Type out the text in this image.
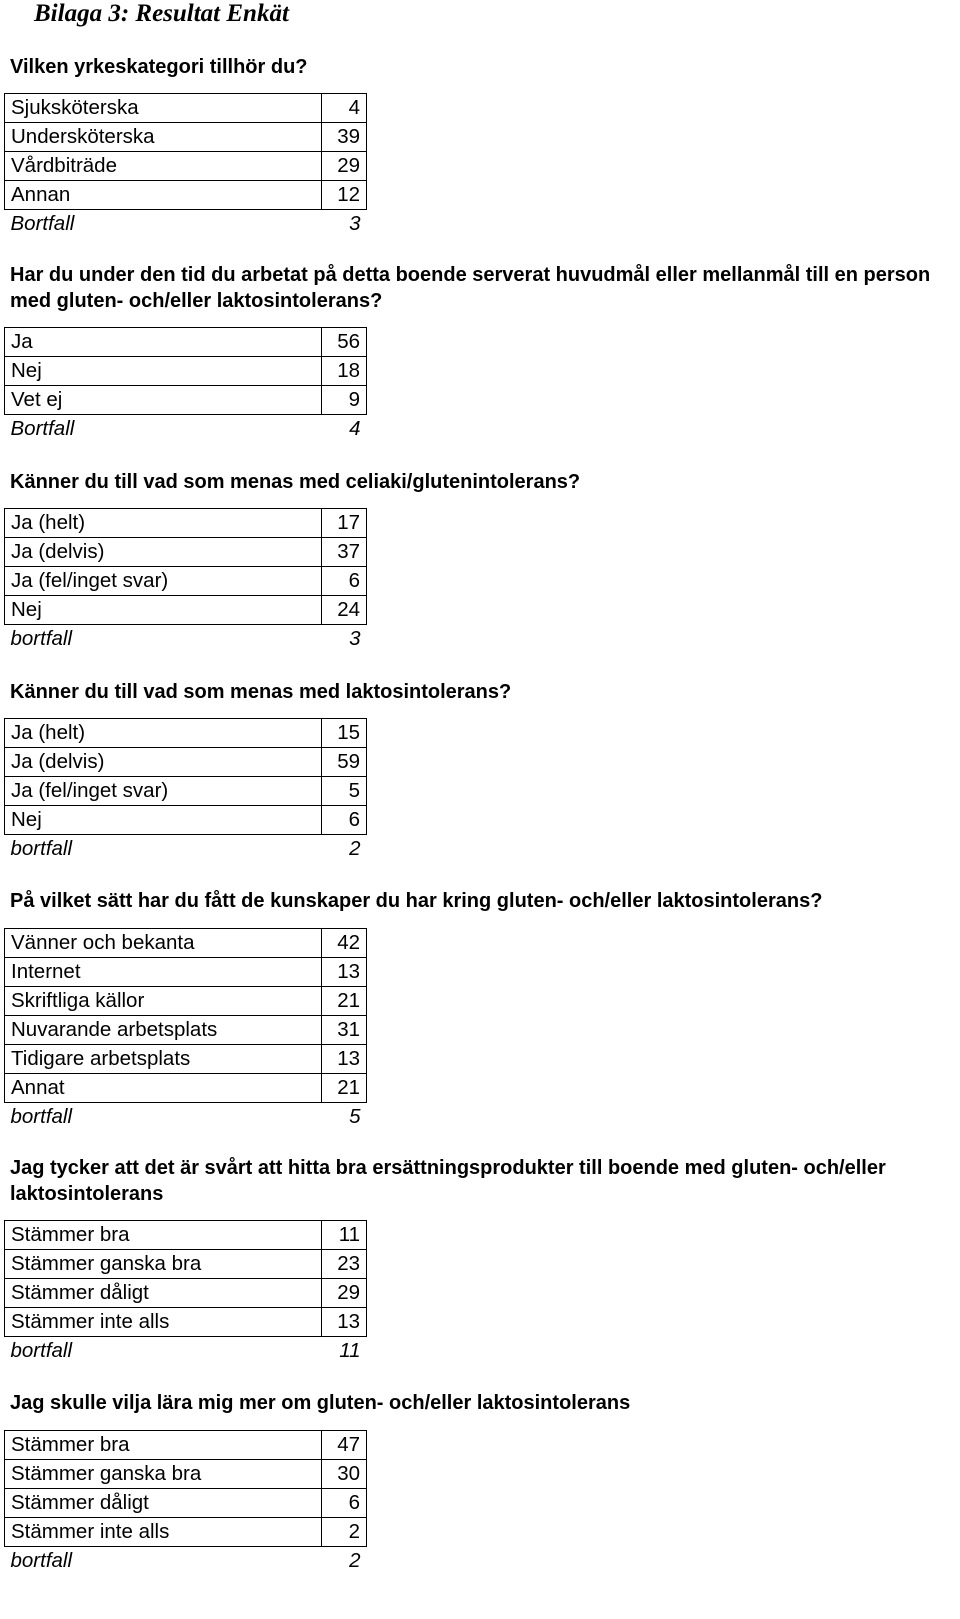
Bilaga 3: Resultat Enkät

Vilken yrkeskategori tillhör du?

Sjuksköterska	4
Undersköterska	39
Vårdbiträde	29
Annan	12
Bortfall	3

Har du under den tid du arbetat på detta boende serverat huvudmål eller mellanmål till en person med gluten- och/eller laktosintolerans?

Ja	56
Nej	18
Vet ej	9
Bortfall	4

Känner du till vad som menas med celiaki/glutenintolerans?

Ja (helt)	17
Ja (delvis)	37
Ja (fel/inget svar)	6
Nej	24
bortfall	3

Känner du till vad som menas med laktosintolerans?

Ja (helt)	15
Ja (delvis)	59
Ja (fel/inget svar)	5
Nej	6
bortfall	2

På vilket sätt har du fått de kunskaper du har kring gluten- och/eller laktosintolerans?

Vänner och bekanta	42
Internet	13
Skriftliga källor	21
Nuvarande arbetsplats	31
Tidigare arbetsplats	13
Annat	21
bortfall	5

Jag tycker att det är svårt att hitta bra ersättningsprodukter till boende med gluten- och/eller laktosintolerans

Stämmer bra	11
Stämmer ganska bra	23
Stämmer dåligt	29
Stämmer inte alls	13
bortfall	11

Jag skulle vilja lära mig mer om gluten- och/eller laktosintolerans

Stämmer bra	47
Stämmer ganska bra	30
Stämmer dåligt	6
Stämmer inte alls	2
bortfall	2
